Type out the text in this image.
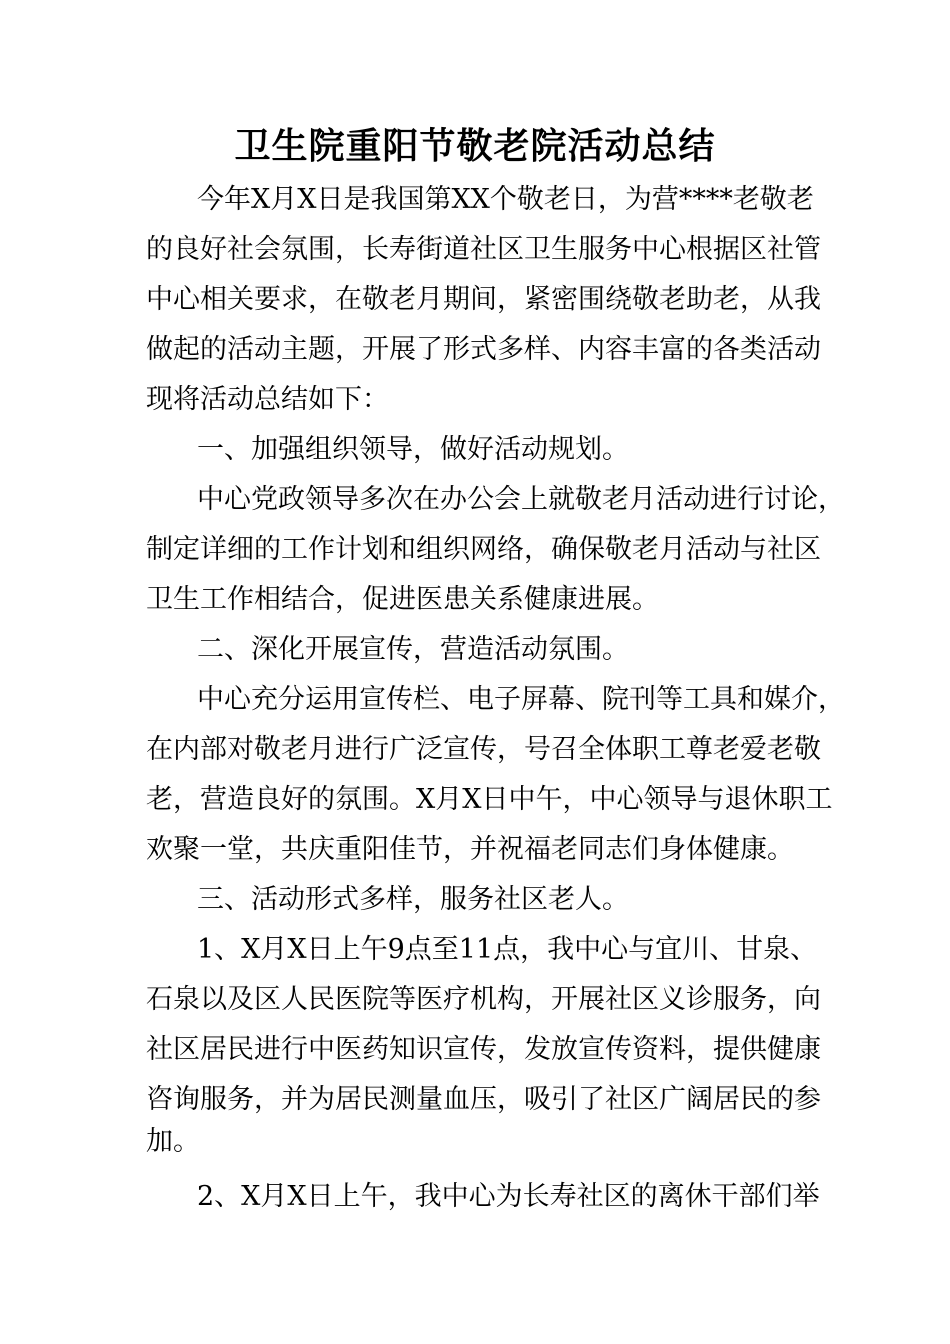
卫生院重阳节敬老院活动总结

今年X月X日是我国第XX个敬老日，为营****老敬老

的良好社会氛围，长寿街道社区卫生服务中心根据区社管

中心相关要求，在敬老月期间，紧密围绕敬老助老，从我

做起的活动主题，开展了形式多样、内容丰富的各类活动

现将活动总结如下：

一、加强组织领导，做好活动规划。

中心党政领导多次在办公会上就敬老月活动进行讨论，

制定详细的工作计划和组织网络，确保敬老月活动与社区

卫生工作相结合，促进医患关系健康进展。

二、深化开展宣传，营造活动氛围。

中心充分运用宣传栏、电子屏幕、院刊等工具和媒介，

在内部对敬老月进行广泛宣传，号召全体职工尊老爱老敬

老，营造良好的氛围。X月X日中午，中心领导与退休职工

欢聚一堂，共庆重阳佳节，并祝福老同志们身体健康。

三、活动形式多样，服务社区老人。

1、X月X日上午9点至11点，我中心与宜川、甘泉、

石泉以及区人民医院等医疗机构，开展社区义诊服务，向

社区居民进行中医药知识宣传，发放宣传资料，提供健康

咨询服务，并为居民测量血压，吸引了社区广阔居民的参

加。

2、X月X日上午，我中心为长寿社区的离休干部们举
